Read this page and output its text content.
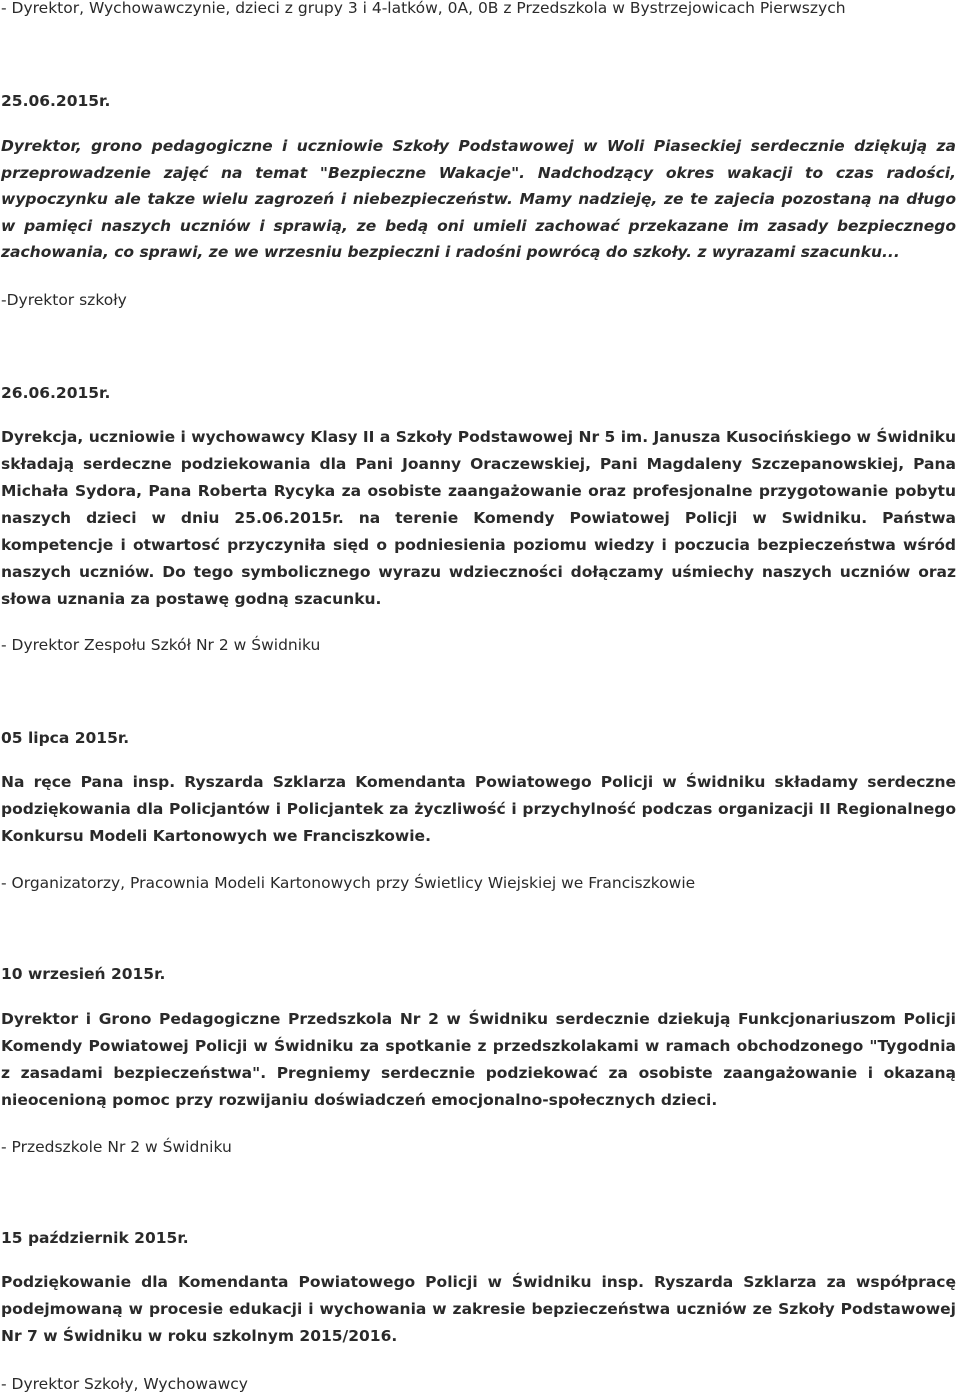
- Dyrektor, Wychowawczynie, dzieci z grupy 3 i 4-latków, 0A, 0B z Przedszkola w Bystrzejowicach Pierwszych
25.06.2015r.
Dyrektor, grono pedagogiczne i uczniowie Szkoły Podstawowej w Woli Piaseckiej serdecznie dziękują za przeprowadzenie zajęć na temat "Bezpieczne Wakacje". Nadchodzący okres wakacji to czas radości, wypoczynku ale takze wielu zagrozeń i niebezpieczeństw. Mamy nadzieję, ze te zajecia pozostaną na długo w pamięci naszych uczniów i sprawią, ze bedą oni umieli zachować przekazane im zasady bezpiecznego zachowania, co sprawi, ze we wrzesniu bezpieczni i radośni powrócą do szkoły. z wyrazami szacunku...
-Dyrektor szkoły
26.06.2015r.
Dyrekcja, uczniowie i wychowawcy Klasy II a Szkoły Podstawowej Nr 5 im. Janusza Kusocińskiego w Świdniku składają serdeczne podziekowania dla Pani Joanny Oraczewskiej, Pani Magdaleny Szczepanowskiej, Pana Michała Sydora, Pana Roberta Rycyka za osobiste zaangażowanie oraz profesjonalne przygotowanie pobytu naszych dzieci w dniu 25.06.2015r. na terenie Komendy Powiatowej Policji w Swidniku. Państwa kompetencje i otwartosć przyczyniła sięd o podniesienia poziomu wiedzy i poczucia bezpieczeństwa wśród naszych uczniów. Do tego symbolicznego wyrazu wdzieczności dołączamy uśmiechy naszych uczniów oraz słowa uznania za postawę godną szacunku.
- Dyrektor Zespołu Szkół Nr 2 w Świdniku
05 lipca 2015r.
Na ręce Pana insp. Ryszarda Szklarza Komendanta Powiatowego Policji w Świdniku składamy serdeczne podziękowania dla Policjantów i Policjantek za życzliwość i przychylność podczas organizacji II Regionalnego Konkursu Modeli Kartonowych we Franciszkowie.
- Organizatorzy, Pracownia Modeli Kartonowych przy Świetlicy Wiejskiej we Franciszkowie
10 wrzesień 2015r.
Dyrektor i Grono Pedagogiczne Przedszkola Nr 2 w Świdniku serdecznie dziekują Funkcjonariuszom Policji Komendy Powiatowej Policji w Świdniku za spotkanie z przedszkolakami w ramach obchodzonego "Tygodnia z zasadami bezpieczeństwa". Pregniemy serdecznie podziekować za osobiste zaangażowanie i okazaną nieocenioną pomoc przy rozwijaniu doświadczeń emocjonalno-społecznych dzieci.
- Przedszkole Nr 2 w Świdniku
15 październik 2015r.
Podziękowanie dla Komendanta Powiatowego Policji w Świdniku insp. Ryszarda Szklarza za współpracę podejmowaną w procesie edukacji i wychowania w zakresie bepzieczeństwa uczniów ze Szkoły Podstawowej Nr 7 w Świdniku w roku szkolnym 2015/2016.
- Dyrektor Szkoły, Wychowawcy
